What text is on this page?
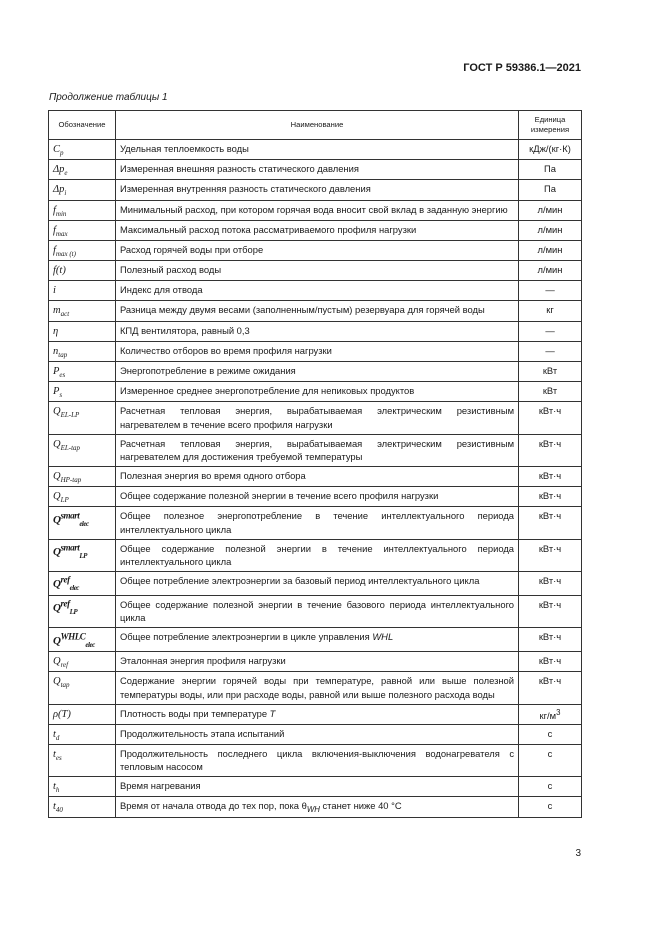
ГОСТ Р 59386.1—2021
Продолжение таблицы 1
Обозначение	Наименование	Единица измерения
$C_p$	Удельная теплоемкость воды	кДж/(кг·К)
$\Delta p_e$	Измеренная внешняя разность статического давления	Па
$\Delta p_i$	Измеренная внутренняя разность статического давления	Па
$f_{min}$	Минимальный расход, при котором горячая вода вносит свой вклад в заданную энергию	л/мин
$f_{max}$	Максимальный расход потока рассматриваемого профиля нагрузки	л/мин
$f_{max (t)}$	Расход горячей воды при отборе	л/мин
f(t)	Полезный расход воды	л/мин
i	Индекс для отвода	—
$m_{act}$	Разница между двумя весами (заполненным/пустым) резервуара для горячей воды	кг
η	КПД вентилятора, равный 0,3	—
$n_{tap}$	Количество отборов во время профиля нагрузки	—
$P_{es}$	Энергопотребление в режиме ожидания	кВт
$P_s$	Измеренное среднее энергопотребление для непиковых продуктов	кВт
$Q_{EL-LP}$	Расчетная тепловая энергия, вырабатываемая электрическим резистивным нагревателем в течение всего профиля нагрузки	кВт·ч
$Q_{EL-tap}$	Расчетная тепловая энергия, вырабатываемая электрическим резистивным нагревателем для достижения требуемой температуры	кВт·ч
$Q_{HP-tap}$	Полезная энергия во время одного отбора	кВт·ч
$Q_{LP}$	Общее содержание полезной энергии в течение всего профиля нагрузки	кВт·ч
$Q^{smart}_{elec}$	Общее полезное энергопотребление в течение интеллектуального периода интеллектуального цикла	кВт·ч
$Q^{smart}_{LP}$	Общее содержание полезной энергии в течение интеллектуального периода интеллектуального цикла	кВт·ч
$Q^{ref}_{elec}$	Общее потребление электроэнергии за базовый период интеллектуального цикла	кВт·ч
$Q^{ref}_{LP}$	Общее содержание полезной энергии в течение базового периода интеллектуального цикла	кВт·ч
$Q^{WHLC}_{elec}$	Общее потребление электроэнергии в цикле управления WHL	кВт·ч
$Q_{ref}$	Эталонная энергия профиля нагрузки	кВт·ч
$Q_{tap}$	Содержание энергии горячей воды при температуре, равной или выше полезной температуры воды, или при расходе воды, равной или выше полезного расхода воды	кВт·ч
ρ(T)	Плотность воды при температуре T	$кг/м^3$
$t_d$	Продолжительность этапа испытаний	с
$t_{es}$	Продолжительность последнего цикла включения-выключения водонагревателя с тепловым насосом	с
$t_h$	Время нагревания	с
$t_{40}$	Время от начала отвода до тех пор, пока $\theta_{WH}$ станет ниже 40 °C	с
3
